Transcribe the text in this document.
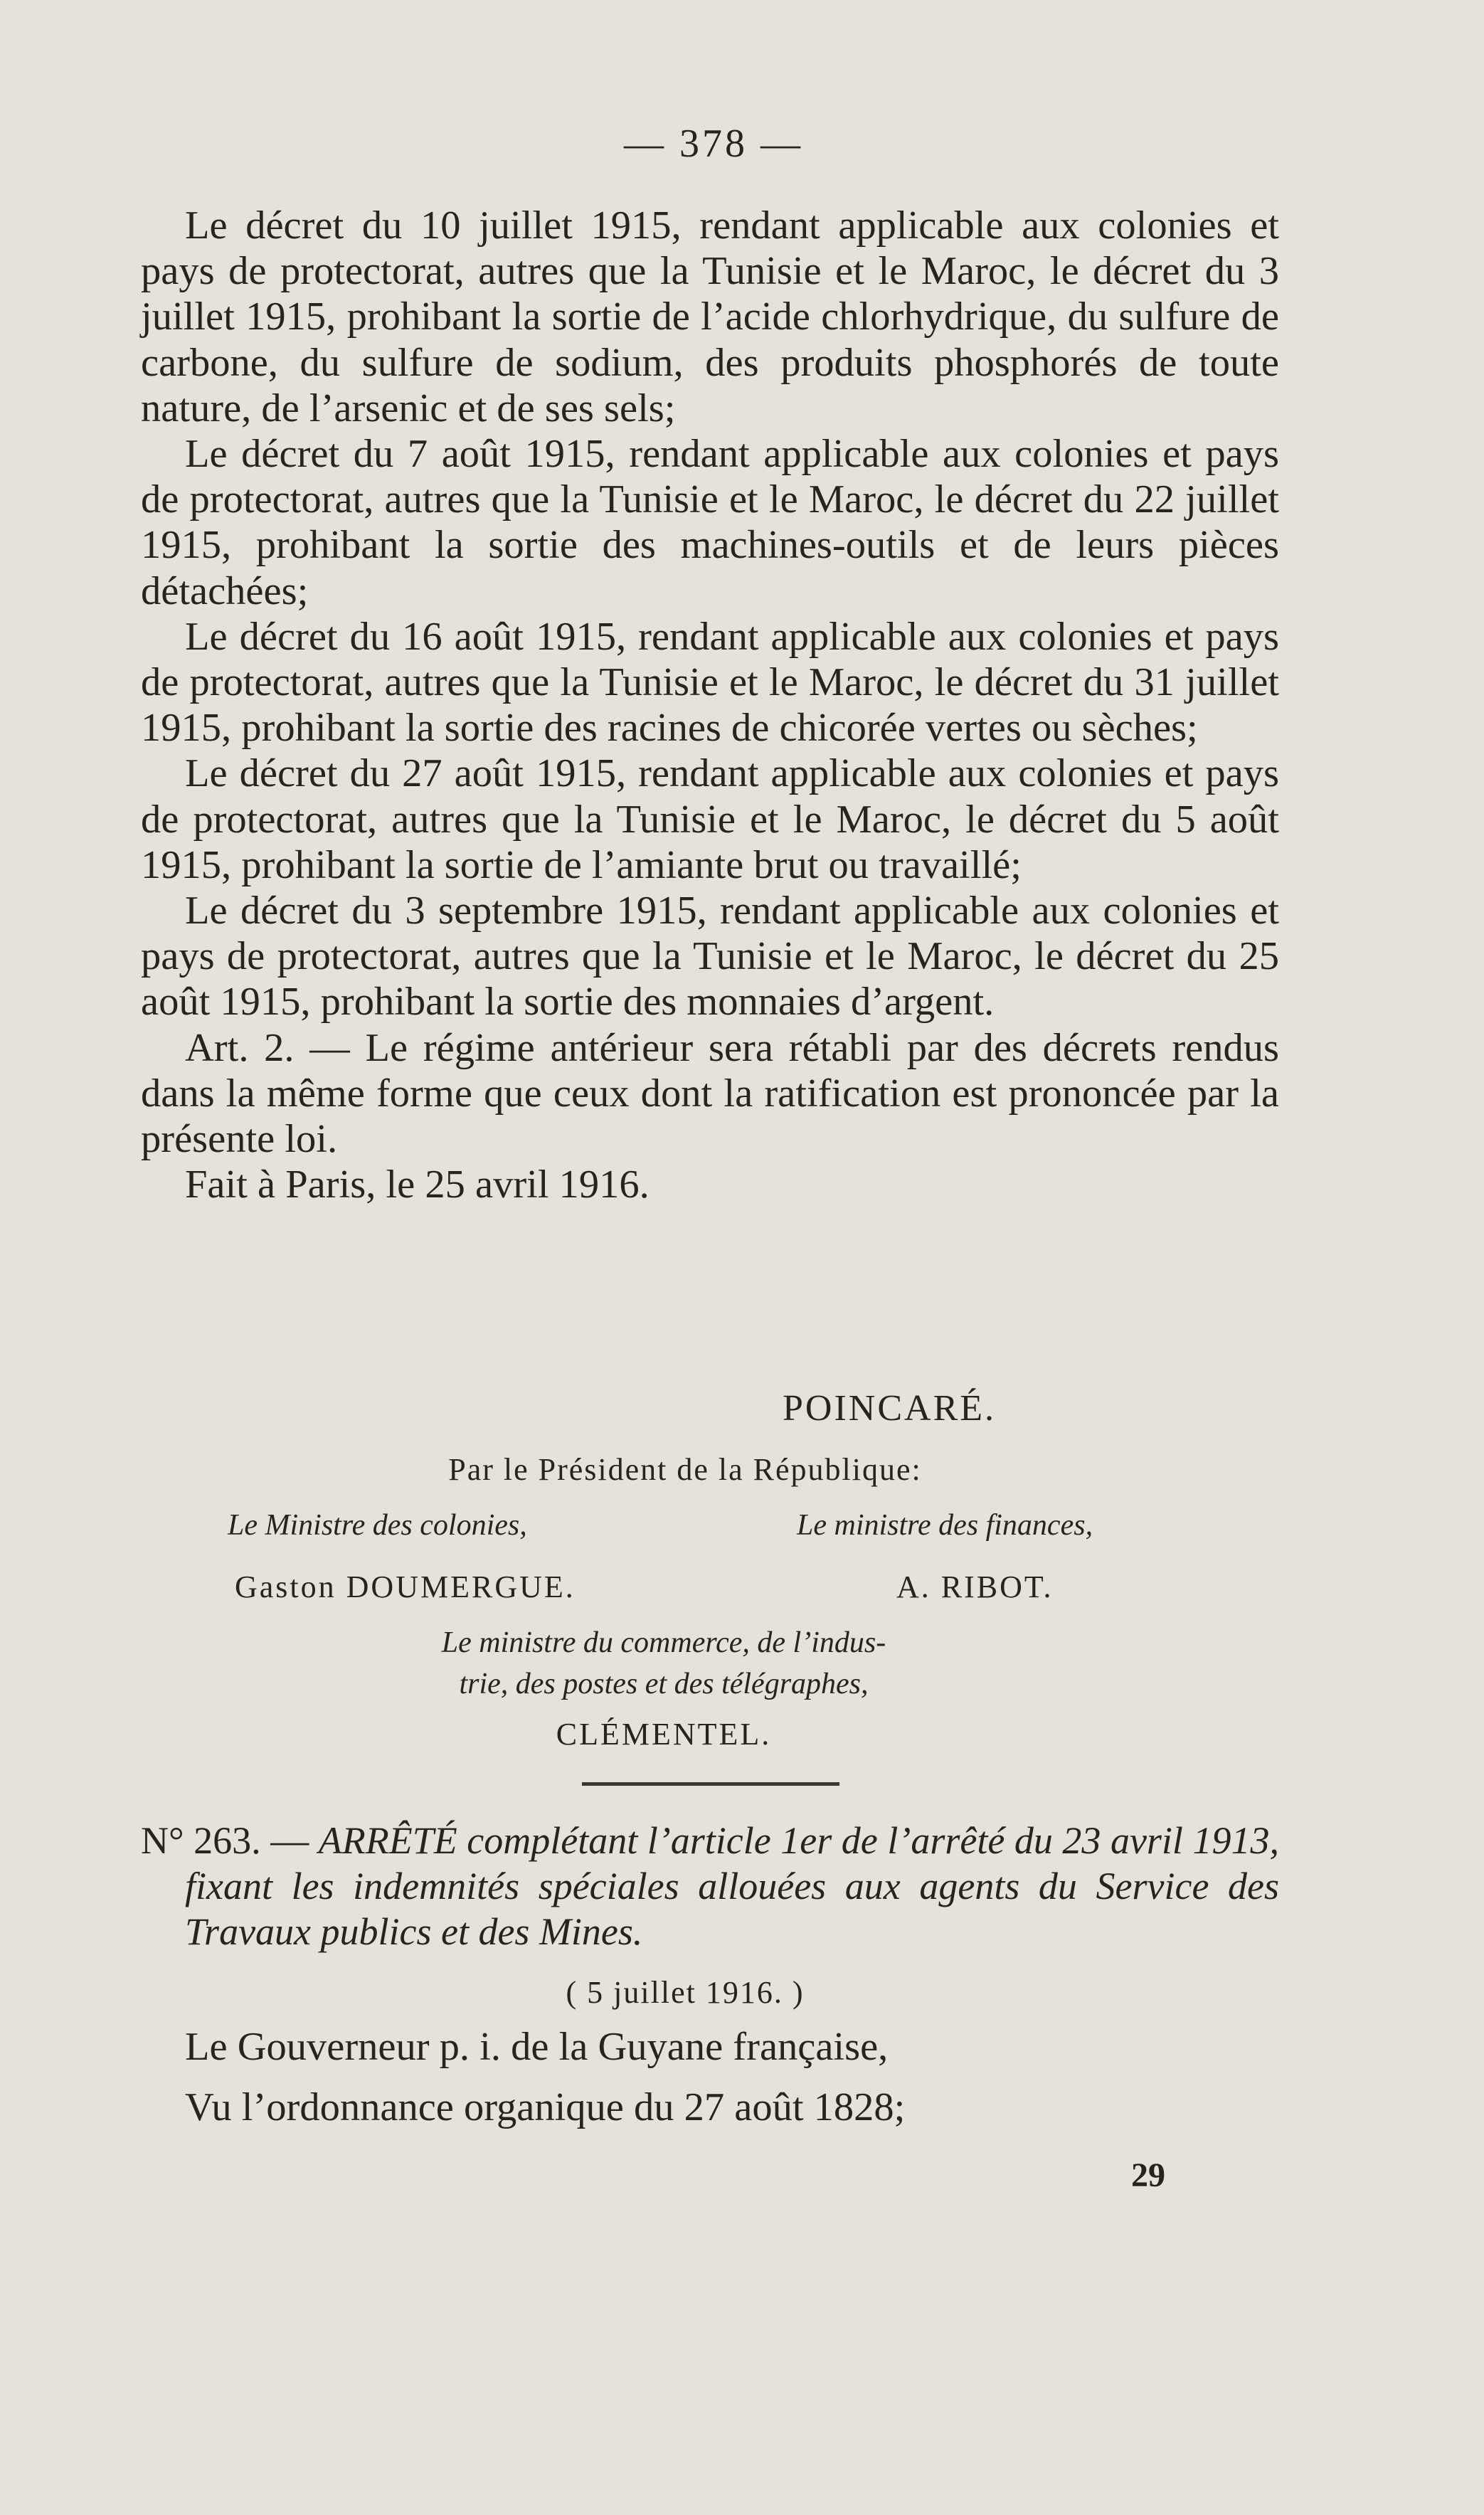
— 378 —

Le décret du 10 juillet 1915, rendant applicable aux colonies et pays de protectorat, autres que la Tunisie et le Maroc, le décret du 3 juillet 1915, prohibant la sortie de l’acide chlorhydrique, du sulfure de carbone, du sulfure de sodium, des produits phosphorés de toute nature, de l’arsenic et de ses sels;

Le décret du 7 août 1915, rendant applicable aux colonies et pays de protectorat, autres que la Tunisie et le Maroc, le décret du 22 juillet 1915, prohibant la sortie des machines-outils et de leurs pièces détachées;

Le décret du 16 août 1915, rendant applicable aux colonies et pays de protectorat, autres que la Tunisie et le Maroc, le décret du 31 juillet 1915, prohibant la sortie des racines de chicorée vertes ou sèches;

Le décret du 27 août 1915, rendant applicable aux colonies et pays de protectorat, autres que la Tunisie et le Maroc, le décret du 5 août 1915, prohibant la sortie de l’amiante brut ou travaillé;

Le décret du 3 septembre 1915, rendant applicable aux colonies et pays de protectorat, autres que la Tunisie et le Maroc, le décret du 25 août 1915, prohibant la sortie des monnaies d’argent.

Art. 2. — Le régime antérieur sera rétabli par des décrets rendus dans la même forme que ceux dont la ratification est prononcée par la présente loi.

Fait à Paris, le 25 avril 1916.

POINCARÉ.
Par le Président de la République:
Le Ministre des colonies,	Le ministre des finances,
Gaston DOUMERGUE.	A. RIBOT.
Le ministre du commerce, de l’indus-
trie, des postes et des télégraphes,
CLÉMENTEL.

N° 263. — ARRÊTÉ complétant l’article 1er de l’arrêté du 23 avril 1913, fixant les indemnités spéciales allouées aux agents du Service des Travaux publics et des Mines.

( 5 juillet 1916. )
Le Gouverneur p. i. de la Guyane française,
Vu l’ordonnance organique du 27 août 1828;
29
